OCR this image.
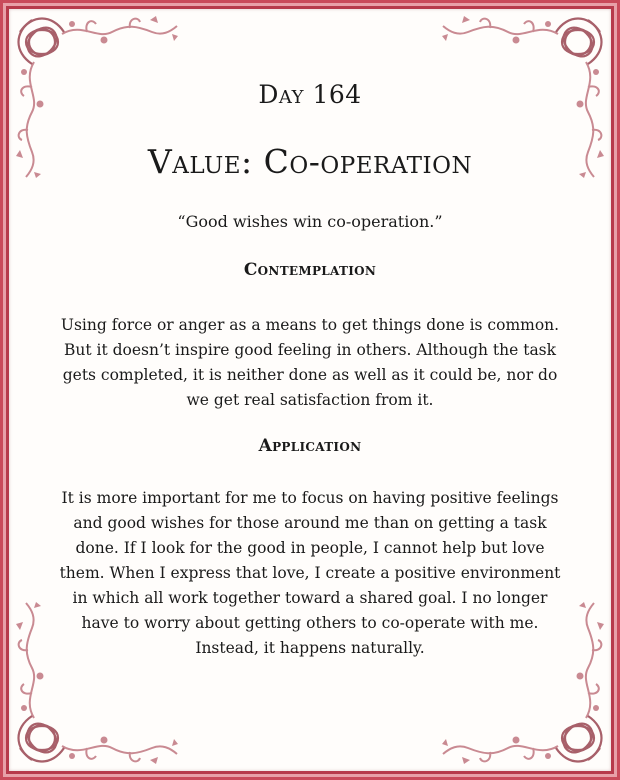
Day 164
Value: Co-operation
“Good wishes win co-operation.”
Contemplation
Using force or anger as a means to get things done is common.
But it doesn’t inspire good feeling in others. Although the task
gets completed, it is neither done as well as it could be, nor do
we get real satisfaction from it.
Application
It is more important for me to focus on having positive feelings
and good wishes for those around me than on getting a task
done. If I look for the good in people, I cannot help but love
them. When I express that love, I create a positive environment
in which all work together toward a shared goal. I no longer
have to worry about getting others to co-operate with me.
Instead, it happens naturally.
